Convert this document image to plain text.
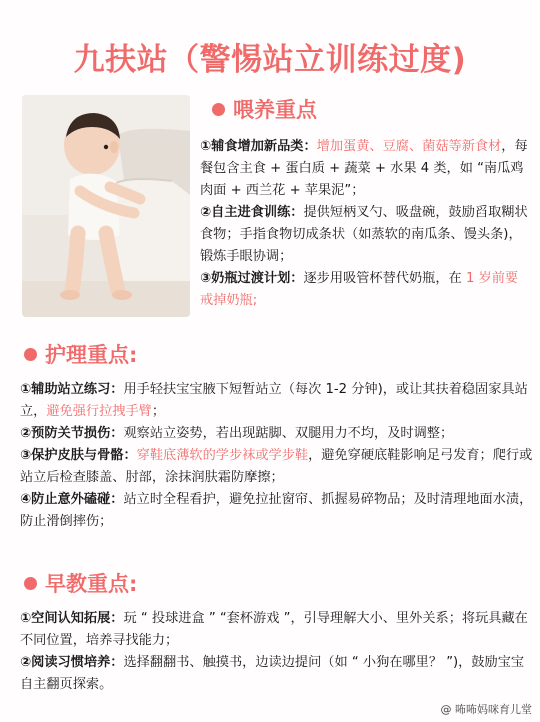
九扶站（警惕站立训练过度)
喂养重点

①辅食增加新品类：增加蛋黄、豆腐、菌菇等新食材，每餐包含主食 + 蛋白质 + 蔬菜 + 水果 4 类，如 “南瓜鸡肉面 + 西兰花 + 苹果泥”；

②自主进食训练：提供短柄叉勺、吸盘碗，鼓励舀取糊状食物；手指食物切成条状（如蒸软的南瓜条、馒头条)，锻炼手眼协调；

③奶瓶过渡计划：逐步用吸管杯替代奶瓶，在 1 岁前要戒掉奶瓶;

护理重点:

①辅助站立练习：用手轻扶宝宝腋下短暂站立（每次 1-2 分钟)，或让其扶着稳固家具站立，避免强行拉拽手臂；

②预防关节损伤：观察站立姿势，若出现踮脚、双腿用力不均，及时调整；

③保护皮肤与骨骼：穿鞋底薄软的学步袜或学步鞋，避免穿硬底鞋影响足弓发育；爬行或站立后检查膝盖、肘部，涂抹润肤霜防摩擦；

④防止意外磕碰：站立时全程看护，避免拉扯窗帘、抓握易碎物品；及时清理地面水渍，防止滑倒摔伤；

早教重点:

①空间认知拓展：玩 “ 投球进盒 ” “套杯游戏 ”，引导理解大小、里外关系；将玩具藏在不同位置，培养寻找能力；

②阅读习惯培养：选择翻翻书、触摸书，边读边提问（如 “ 小狗在哪里？ ”)，鼓励宝宝自主翻页探索。

@ 咘咘妈咪育儿堂
